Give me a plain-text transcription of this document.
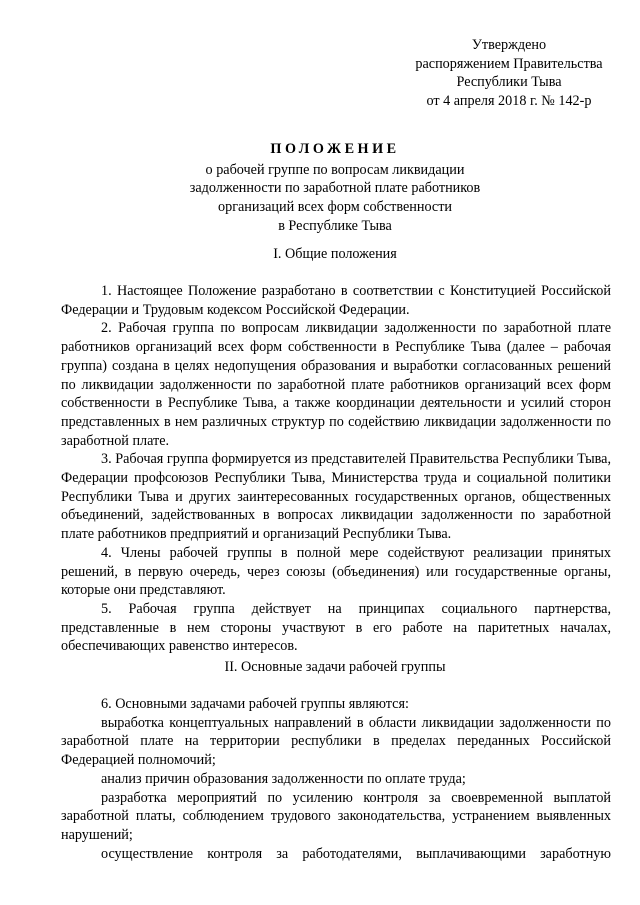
Утверждено
распоряжением Правительства
Республики Тыва
от 4 апреля 2018 г. № 142-р
ПОЛОЖЕНИЕ
о рабочей группе по вопросам ликвидации
задолженности по заработной плате работников
организаций всех форм собственности
в Республике Тыва
I. Общие положения

1. Настоящее Положение разработано в соответствии с Конституцией Российской Федерации и Трудовым кодексом Российской Федерации.

2. Рабочая группа по вопросам ликвидации задолженности по заработной плате работников организаций всех форм собственности в Республике Тыва (далее – рабочая группа) создана в целях недопущения образования и выработки согласованных решений по ликвидации задолженности по заработной плате работников организаций всех форм собственности в Республике Тыва, а также координации деятельности и усилий сторон представленных в нем различных структур по содействию ликвидации задолженности по заработной плате.

3. Рабочая группа формируется из представителей Правительства Республики Тыва, Федерации профсоюзов Республики Тыва, Министерства труда и социальной политики Республики Тыва и других заинтересованных государственных органов, общественных объединений, задействованных в вопросах ликвидации задолженности по заработной плате работников предприятий и организаций Республики Тыва.

4. Члены рабочей группы в полной мере содействуют реализации принятых решений, в первую очередь, через союзы (объединения) или государственные органы, которые они представляют.

5. Рабочая группа действует на принципах социального партнерства, представленные в нем стороны участвуют в его работе на паритетных началах, обеспечивающих равенство интересов.

II. Основные задачи рабочей группы

6. Основными задачами рабочей группы являются:

выработка концептуальных направлений в области ликвидации задолженности по заработной плате на территории республики в пределах переданных Российской Федерацией полномочий;

анализ причин образования задолженности по оплате труда;

разработка мероприятий по усилению контроля за своевременной выплатой заработной платы, соблюдением трудового законодательства, устранением выявленных нарушений;

осуществление контроля за работодателями, выплачивающими заработную
